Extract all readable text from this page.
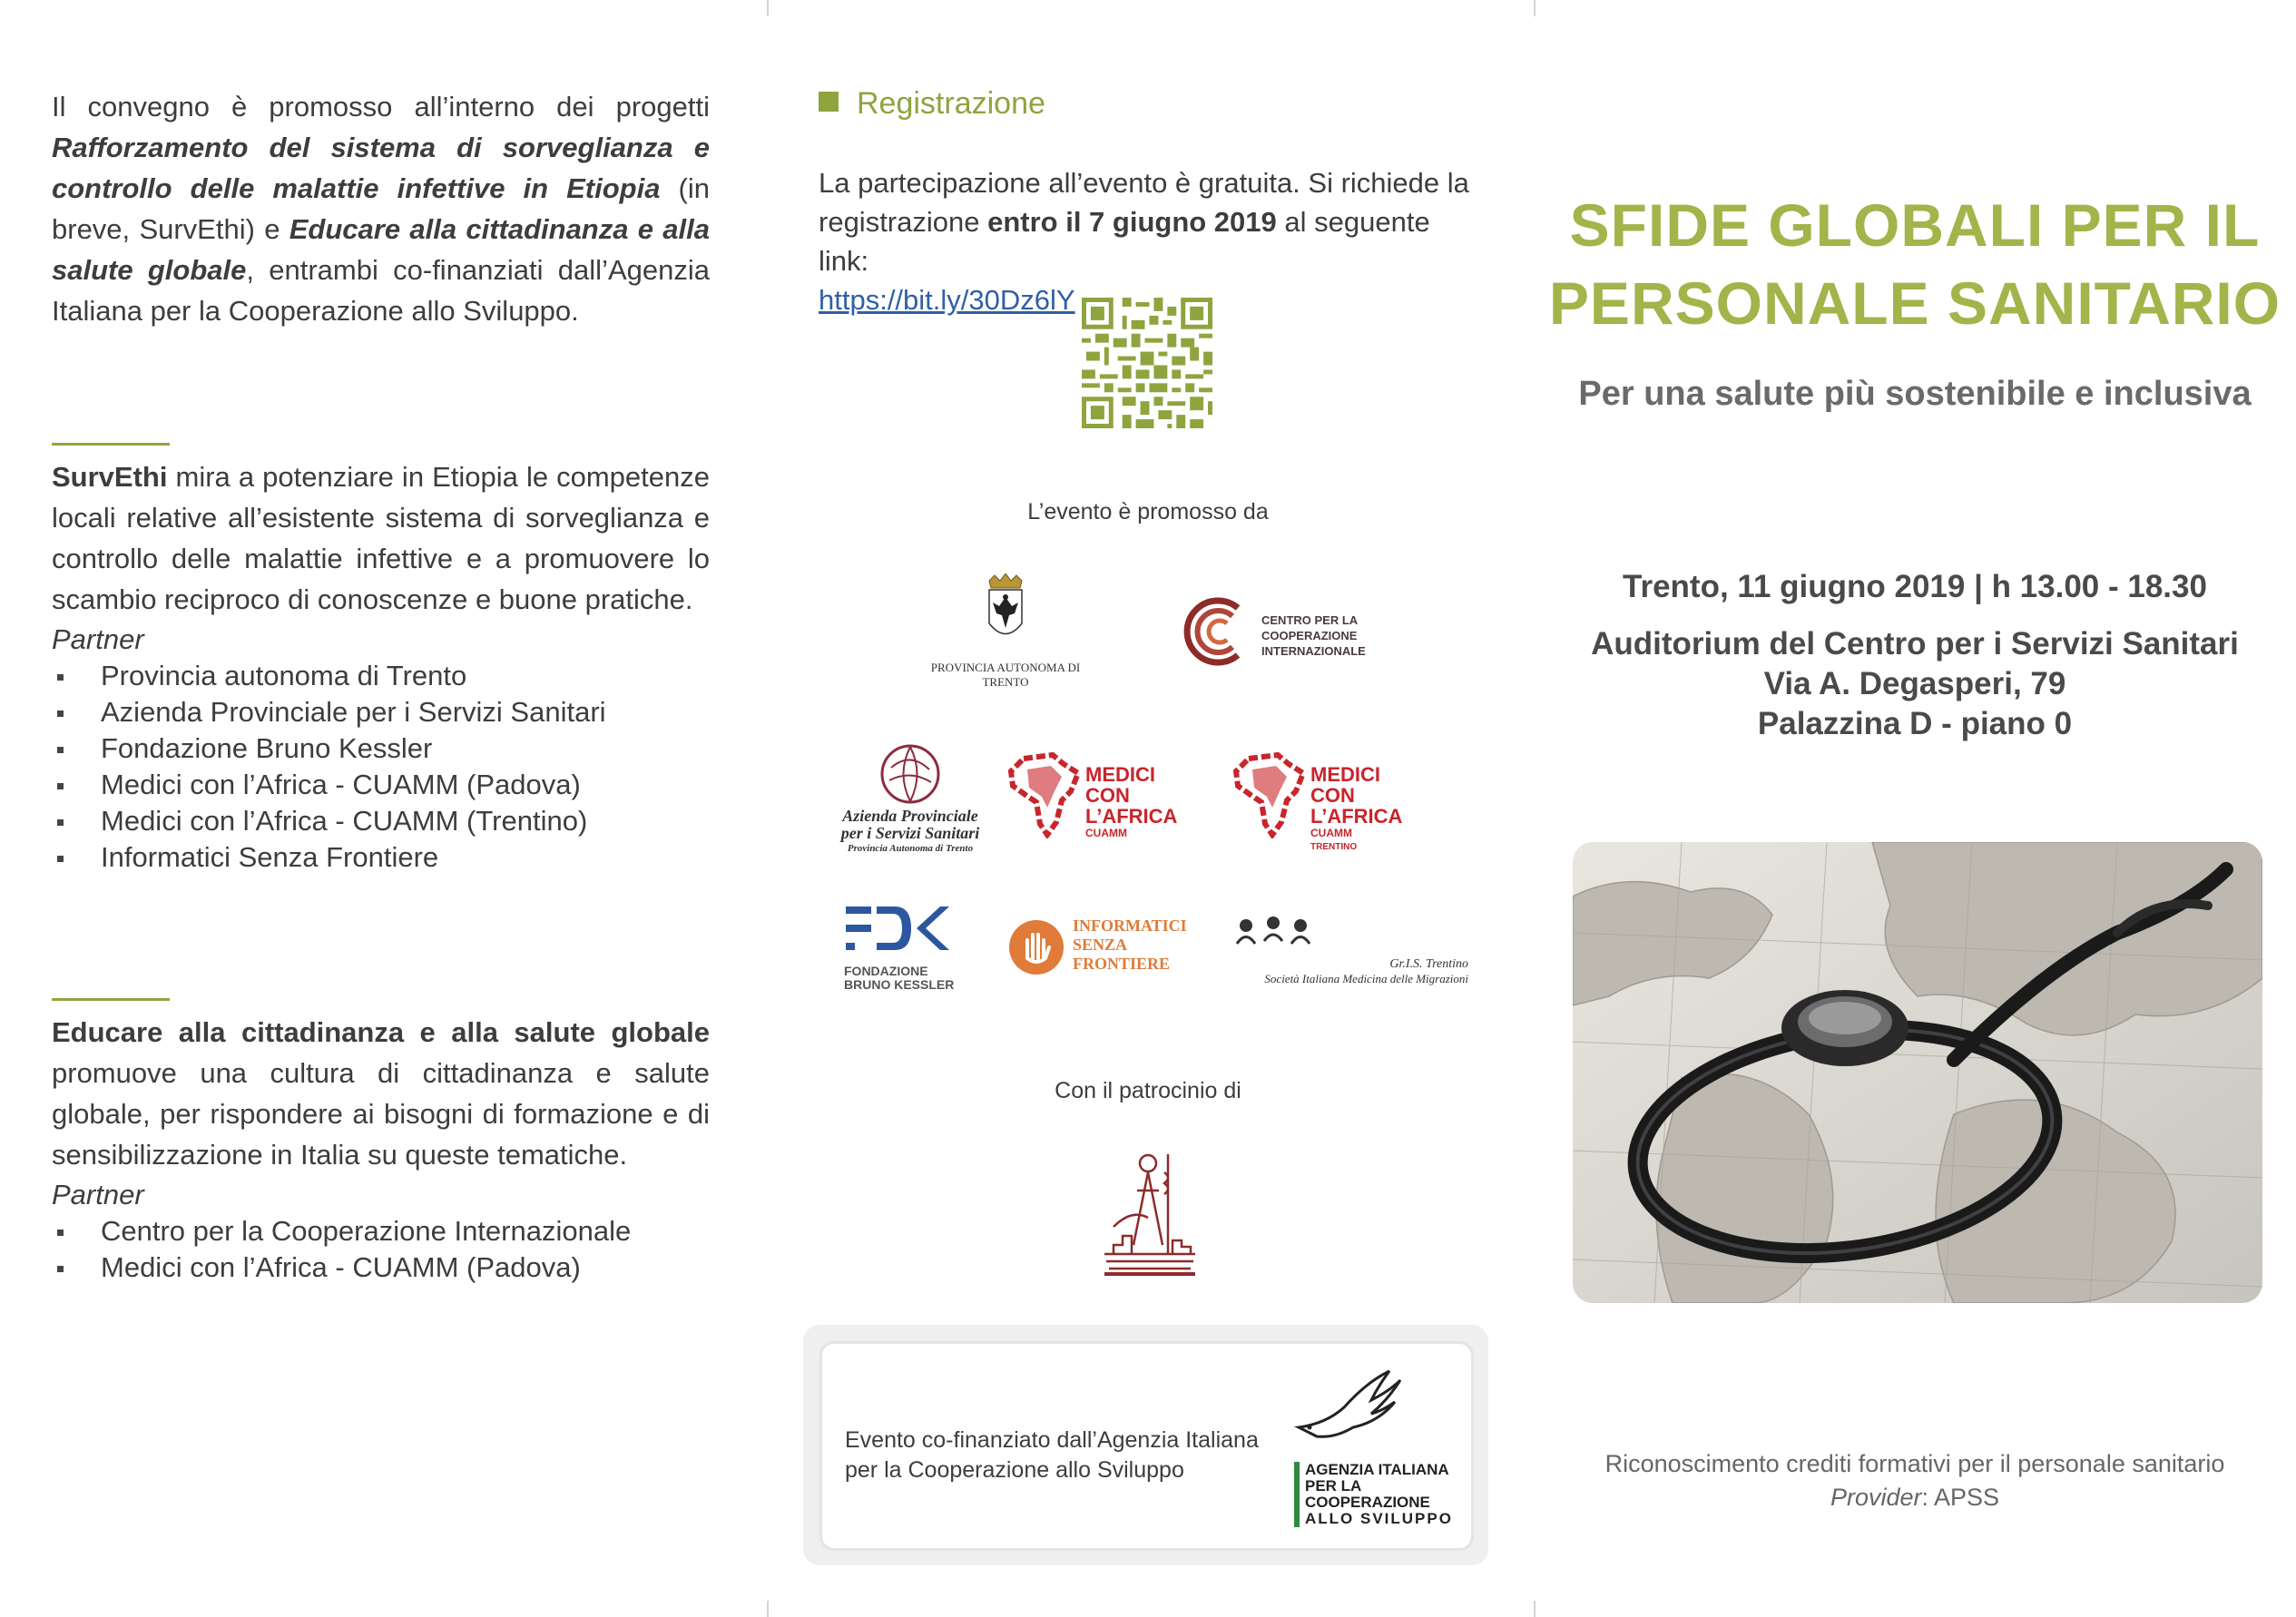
Il convegno è promosso all’interno dei progetti Rafforzamento del sistema di sorveglianza e controllo delle malattie infettive in Etiopia (in breve, SurvEthi) e Educare alla cittadinanza e alla salute globale, entrambi co-finanziati dall’Agenzia Italiana per la Cooperazione allo Sviluppo.

SurvEthi mira a potenziare in Etiopia le competenze locali relative all’esistente sistema di sorveglianza e controllo delle malattie infettive e a promuovere lo scambio reciproco di conoscenze e buone pratiche.

Partner

Provincia autonoma di Trento
Azienda Provinciale per i Servizi Sanitari
Fondazione Bruno Kessler
Medici con l’Africa - CUAMM (Padova)
Medici con l’Africa - CUAMM (Trentino)
Informatici Senza Frontiere

Educare alla cittadinanza e alla salute globale promuove una cultura di cittadinanza e salute globale, per rispondere ai bisogni di formazione e di sensibilizzazione in Italia su queste tematiche.

Partner

Centro per la Cooperazione Internazionale
Medici con l’Africa - CUAMM (Padova)
Registrazione
La partecipazione all’evento è gratuita. Si richiede la registrazione entro il 7 giugno 2019 al seguente link:
https://bit.ly/30Dz6lY
L’evento è promosso da
PROVINCIA AUTONOMA DI TRENTO
CENTRO PER LA
COOPERAZIONE
INTERNAZIONALE
Azienda Provinciale
per i Servizi Sanitari
Provincia Autonoma di Trento
MEDICI
CON L’AFRICA
CUAMM
MEDICI
CON L’AFRICA
CUAMM
TRENTINO
FONDAZIONE
BRUNO KESSLER
INFORMATICI
SENZA
FRONTIERE	Gr.I.S. Trentino
Società Italiana Medicina delle Migrazioni
Con il patrocinio di
Evento co-finanziato dall’Agenzia Italiana per la Cooperazione allo Sviluppo	AGENZIA ITALIANA
PER LA COOPERAZIONE
ALLO SVILUPPO
SFIDE GLOBALI PER IL
PERSONALE SANITARIO
Per una salute più sostenibile e inclusiva
Trento, 11 giugno 2019 | h 13.00 - 18.30
Auditorium del Centro per i Servizi Sanitari
Via A. Degasperi, 79
Palazzina D - piano 0
Riconoscimento crediti formativi per il personale sanitario
Provider: APSS
